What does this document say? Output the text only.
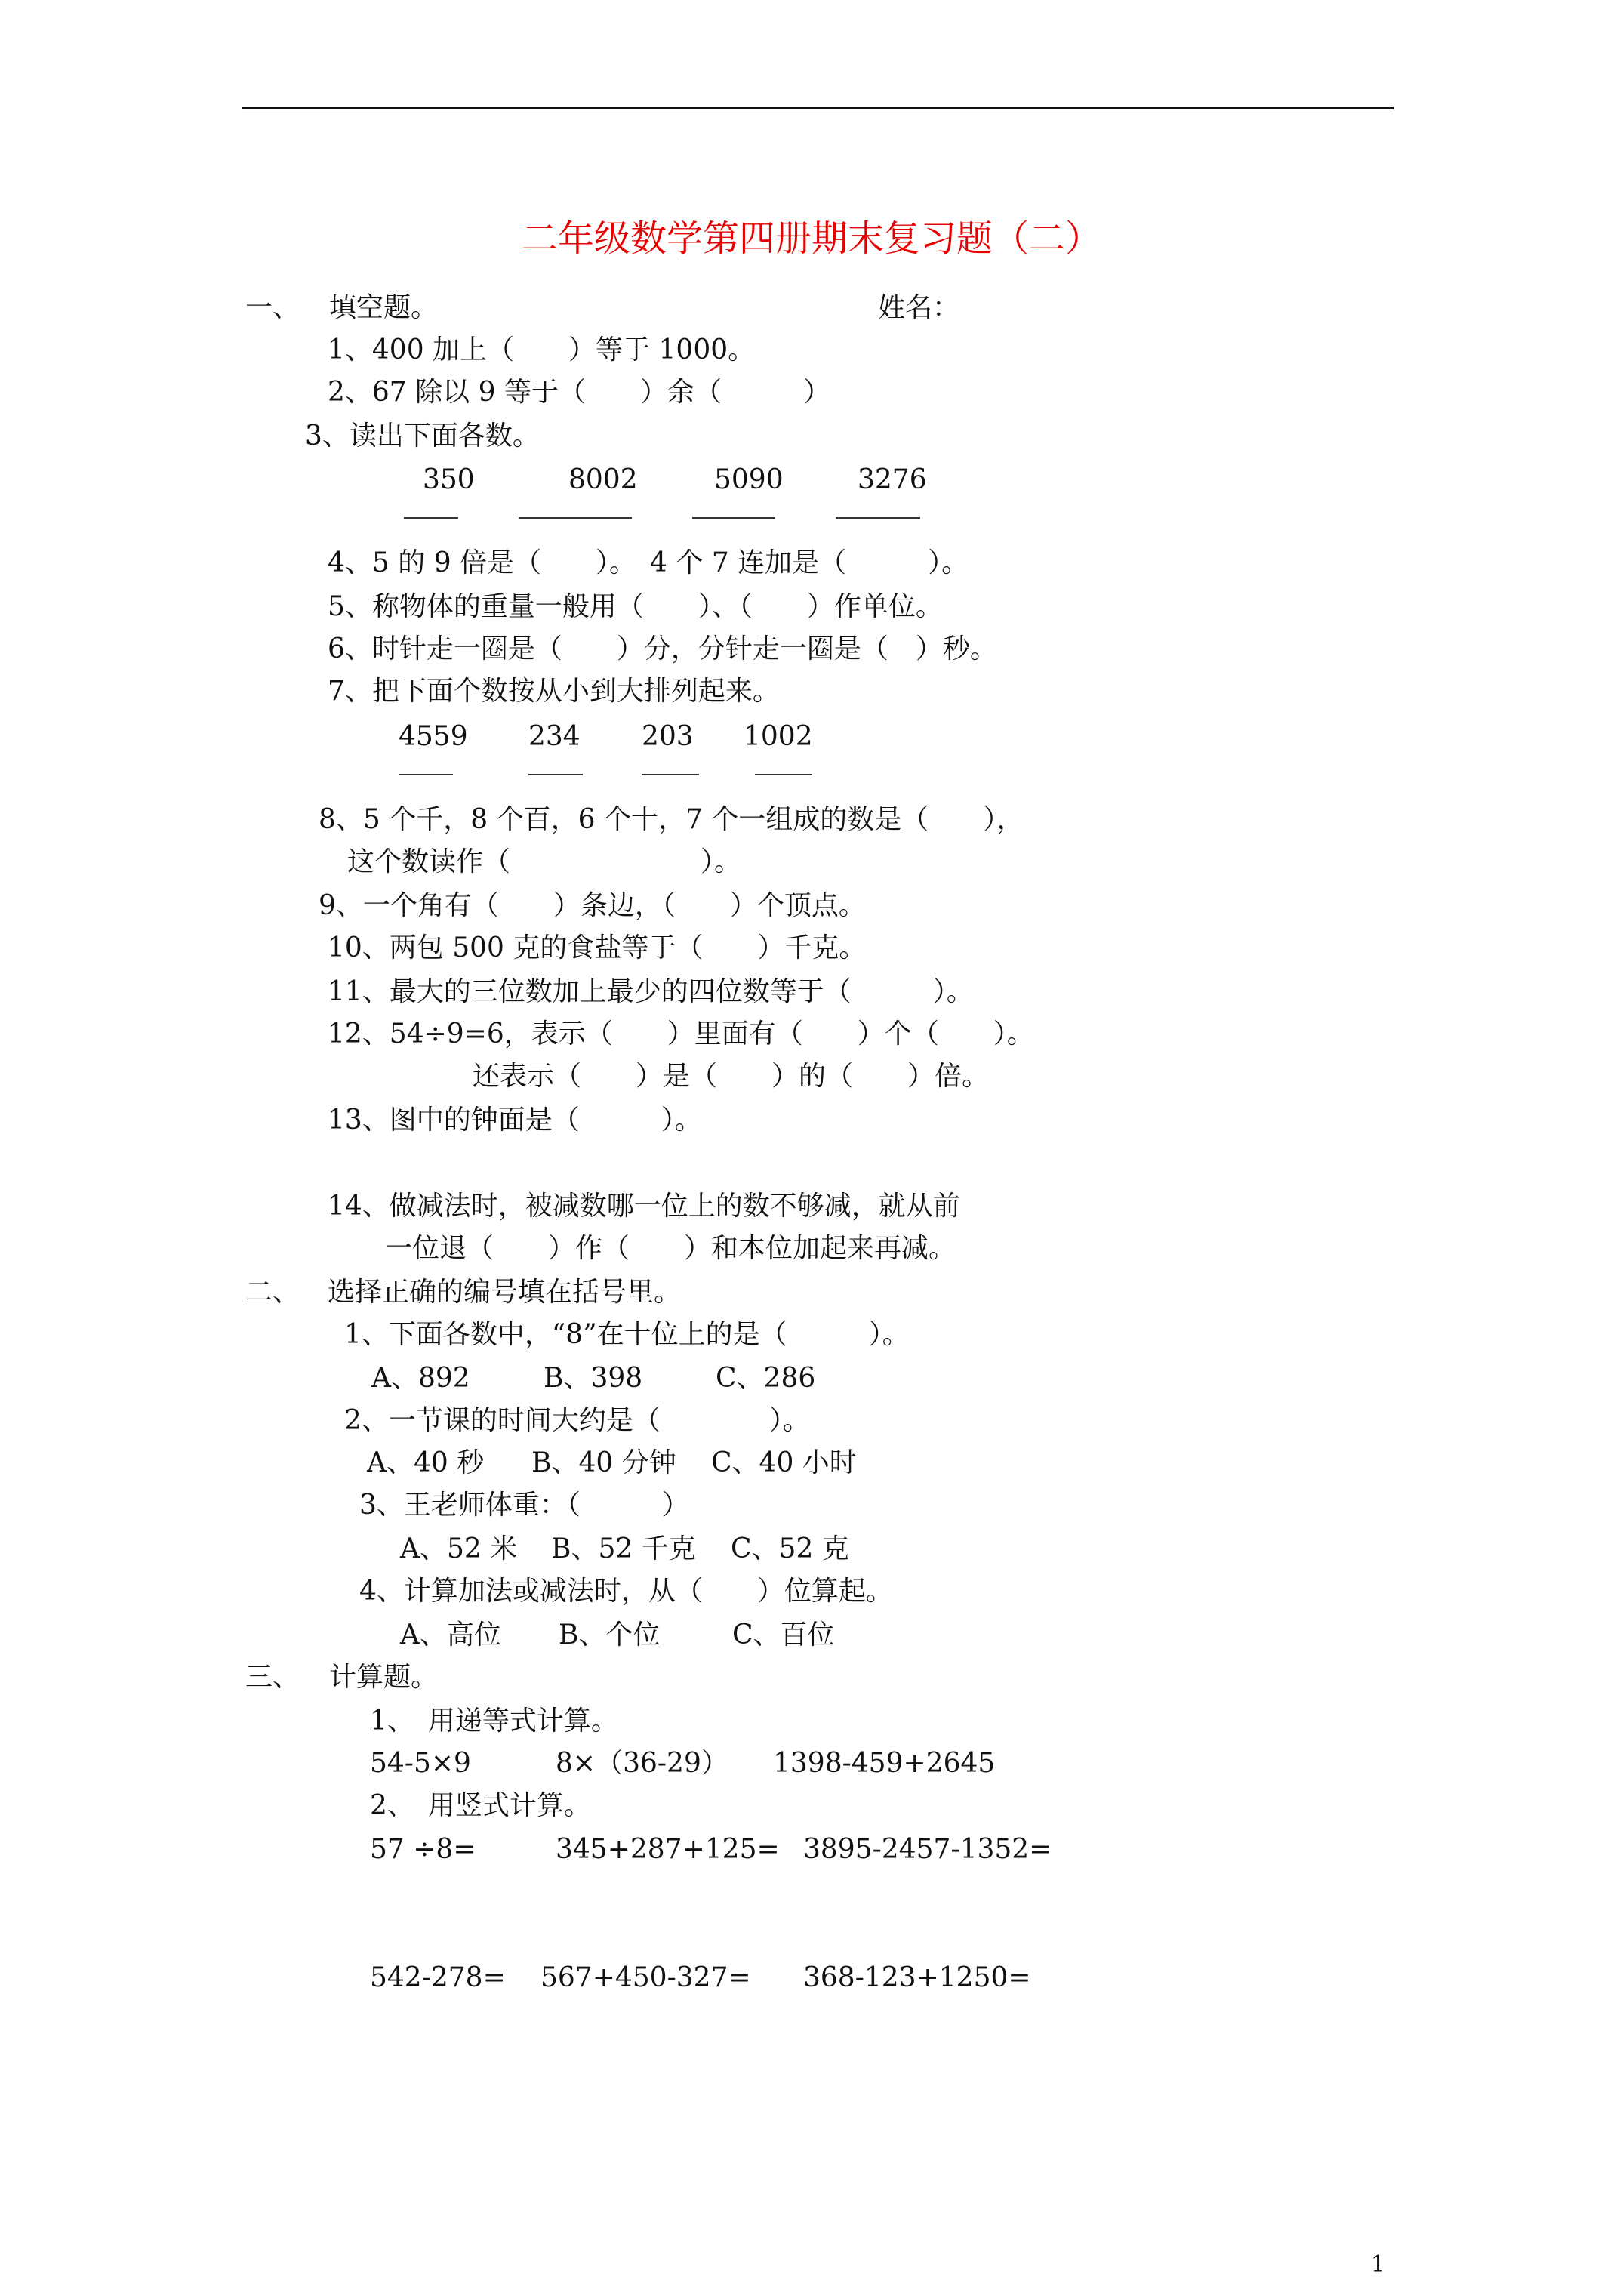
二年级数学第四册期末复习题（二）
一、 填空题。	姓名：
1、400 加上（　　）等于 1000。
2、67 除以 9 等于（　　）余（　　　）
3、读出下面各数。
350	8002	5090	3276
4、5 的 9 倍是（　　）。　4 个 7 连加是（　　　）。
5、称物体的重量一般用（　　）、（　　）作单位。
6、时针走一圈是（　　）分，分针走一圈是（　）秒。
7、把下面个数按从小到大排列起来。
4559 234 203 1002
8、5 个千，8 个百，6 个十，7 个一组成的数是（　　），
这个数读作（　　　　　　　）。
9、一个角有（　　）条边，（　　）个顶点。
10、两包 500 克的食盐等于（　　）千克。
11、最大的三位数加上最少的四位数等于（　　　）。
12、54÷9=6，表示（　　）里面有（　　）个（　　）。
还表示（　　）是（　　）的（　　）倍。
13、图中的钟面是（　　　）。
14、做减法时，被减数哪一位上的数不够减，就从前
一位退（　　）作（　　）和本位加起来再减。
二、 选择正确的编号填在括号里。
1、下面各数中，“8”在十位上的是（　　　）。
A、892	B、398	C、286
2、一节课的时间大约是（　　　　）。
A、40 秒 B、40 分钟 C、40 小时
3、王老师体重：（　　　）
A、52 米 B、52 千克 C、52 克
4、计算加法或减法时，从（　　）位算起。
A、高位 B、个位	C、百位
三、 计算题。
1、　用递等式计算。
54-5×9	8×（36-29） 1398-459+2645
2、　用竖式计算。
57 ÷8=	345+287+125= 3895-2457-1352=
542-278= 567+450-327= 368-123+1250=
1
